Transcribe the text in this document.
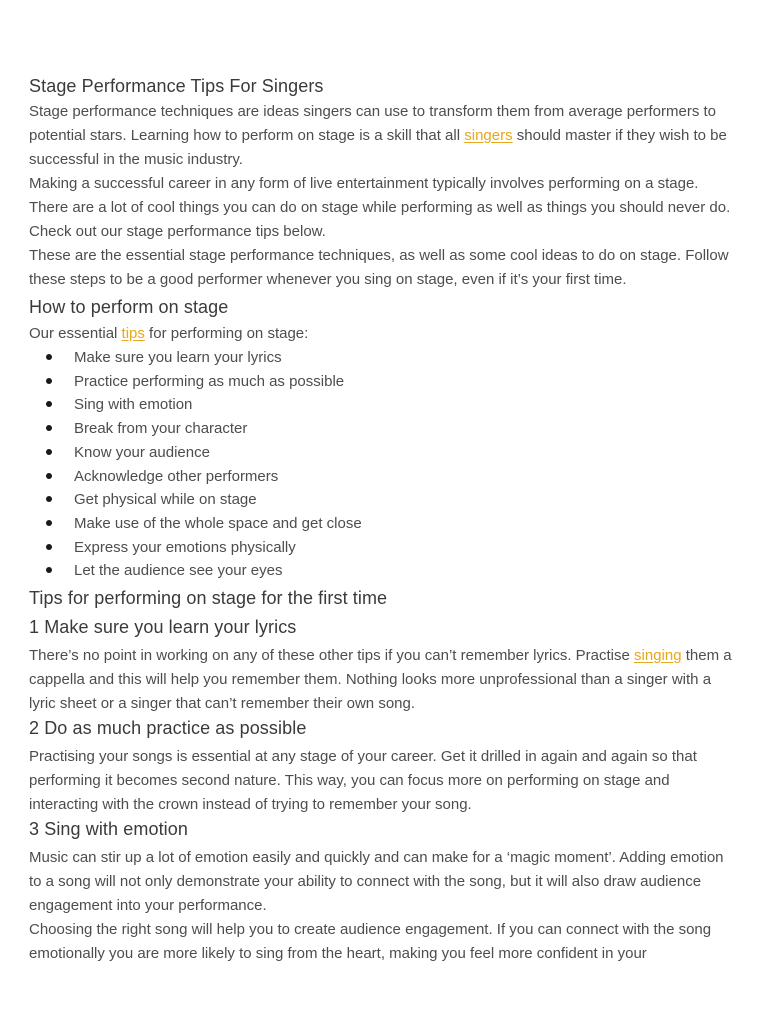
Stage Performance Tips For Singers

Stage performance techniques are ideas singers can use to transform them from average performers to potential stars. Learning how to perform on stage is a skill that all singers should master if they wish to be successful in the music industry.

Making a successful career in any form of live entertainment typically involves performing on a stage. There are a lot of cool things you can do on stage while performing as well as things you should never do. Check out our stage performance tips below.

These are the essential stage performance techniques, as well as some cool ideas to do on stage. Follow these steps to be a good performer whenever you sing on stage, even if it’s your first time.

How to perform on stage

Our essential tips for performing on stage:

Make sure you learn your lyrics
Practice performing as much as possible
Sing with emotion
Break from your character
Know your audience
Acknowledge other performers
Get physical while on stage
Make use of the whole space and get close
Express your emotions physically
Let the audience see your eyes
Tips for performing on stage for the first time
1 Make sure you learn your lyrics

There’s no point in working on any of these other tips if you can’t remember lyrics. Practise singing them a cappella and this will help you remember them. Nothing looks more unprofessional than a singer with a lyric sheet or a singer that can’t remember their own song.

2 Do as much practice as possible

Practising your songs is essential at any stage of your career. Get it drilled in again and again so that performing it becomes second nature. This way, you can focus more on performing on stage and interacting with the crown instead of trying to remember your song.

3 Sing with emotion

Music can stir up a lot of emotion easily and quickly and can make for a ‘magic moment’. Adding emotion to a song will not only demonstrate your ability to connect with the song, but it will also draw audience engagement into your performance.

Choosing the right song will help you to create audience engagement. If you can connect with the song emotionally you are more likely to sing from the heart, making you feel more confident in your
